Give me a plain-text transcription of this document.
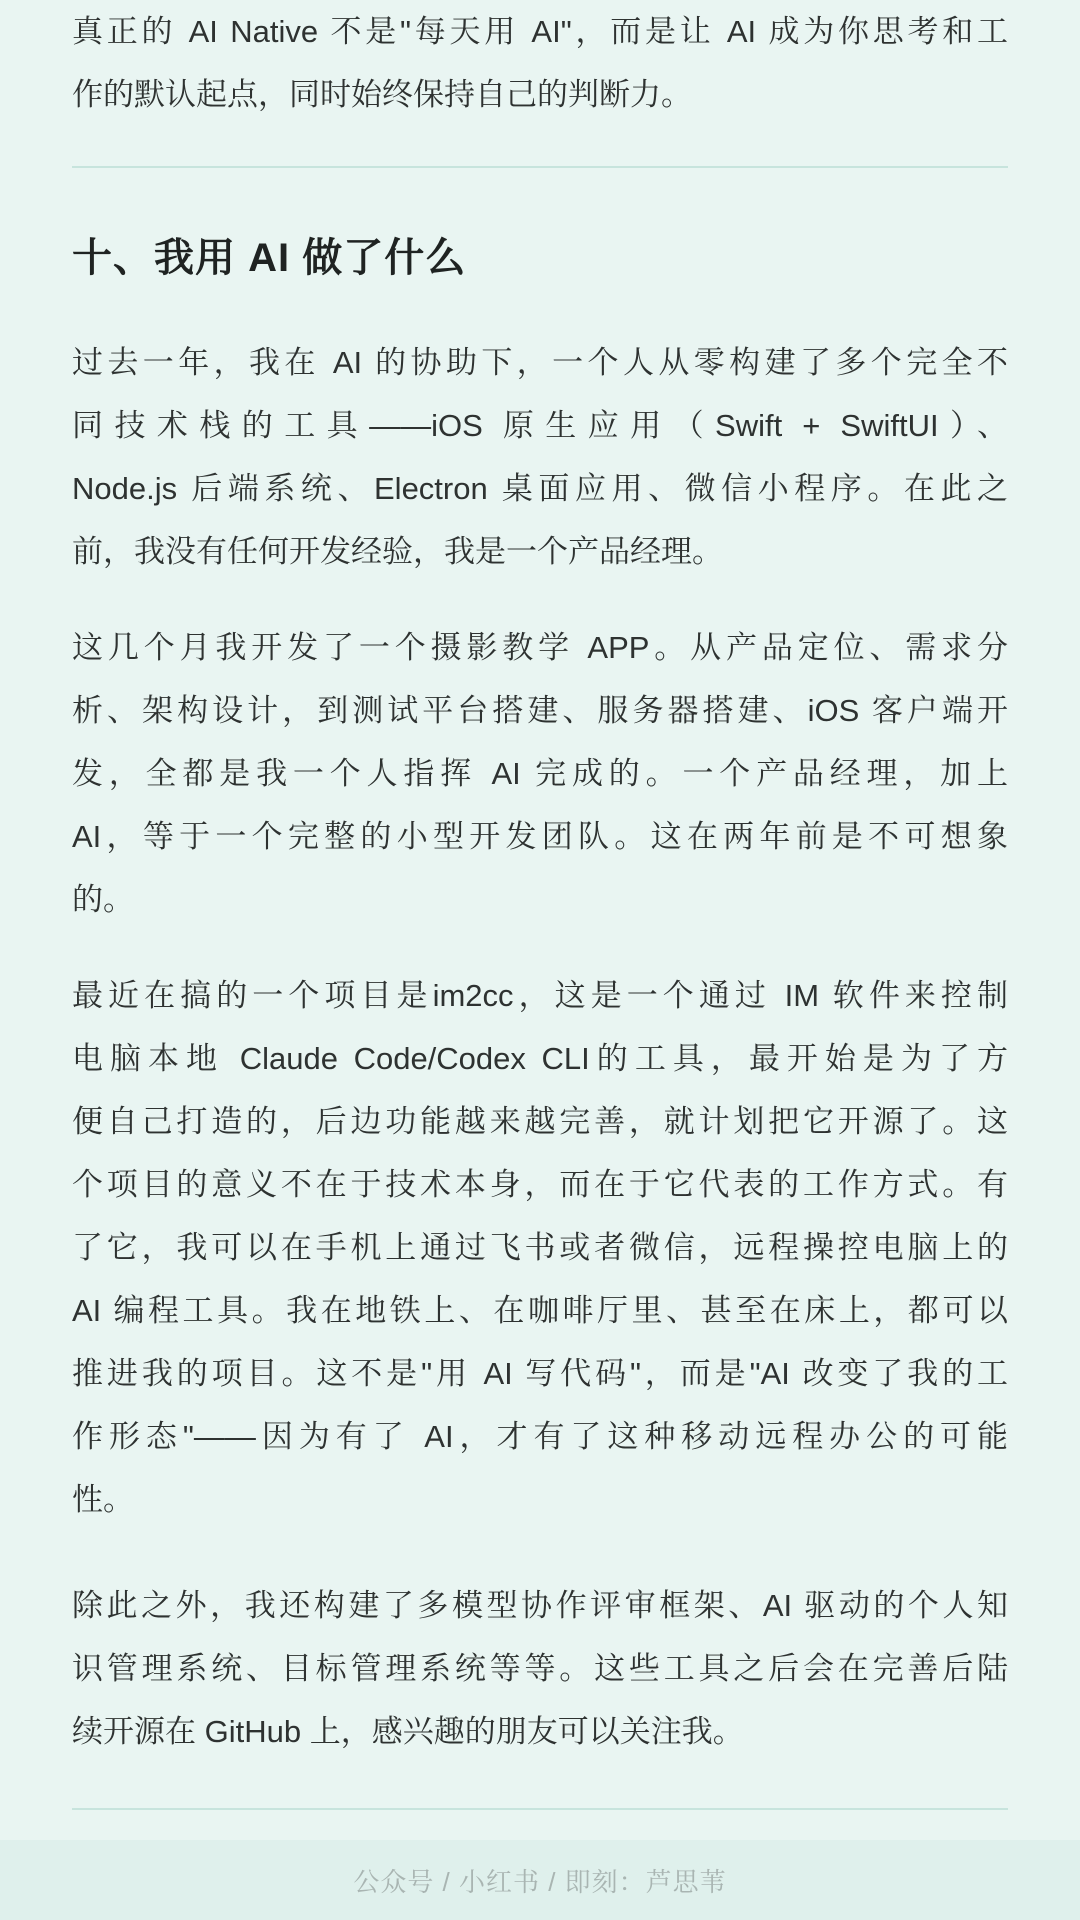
真正的 AI Native 不是"每天用 AI"，而是让 AI 成为你思考和工
作的默认起点，同时始终保持自己的判断力。
十、我用 AI 做了什么
过去一年，我在 AI 的协助下，一个人从零构建了多个完全不
同技术栈的工具——iOS 原生应用（Swift + SwiftUI）、
Node.js 后端系统、Electron 桌面应用、微信小程序。在此之
前，我没有任何开发经验，我是一个产品经理。
这几个月我开发了一个摄影教学 APP。从产品定位、需求分
析、架构设计，到测试平台搭建、服务器搭建、iOS 客户端开
发，全都是我一个人指挥 AI 完成的。一个产品经理，加上
AI，等于一个完整的小型开发团队。这在两年前是不可想象
的。
最近在搞的一个项目是im2cc，这是一个通过 IM 软件来控制
电脑本地 Claude Code/Codex CLI的工具，最开始是为了方
便自己打造的，后边功能越来越完善，就计划把它开源了。这
个项目的意义不在于技术本身，而在于它代表的工作方式。有
了它，我可以在手机上通过飞书或者微信，远程操控电脑上的
AI 编程工具。我在地铁上、在咖啡厅里、甚至在床上，都可以
推进我的项目。这不是"用 AI 写代码"，而是"AI 改变了我的工
作形态"——因为有了 AI，才有了这种移动远程办公的可能
性。
除此之外，我还构建了多模型协作评审框架、AI 驱动的个人知
识管理系统、目标管理系统等等。这些工具之后会在完善后陆
续开源在 GitHub 上，感兴趣的朋友可以关注我。
公众号 / 小红书 / 即刻：芦思苇
